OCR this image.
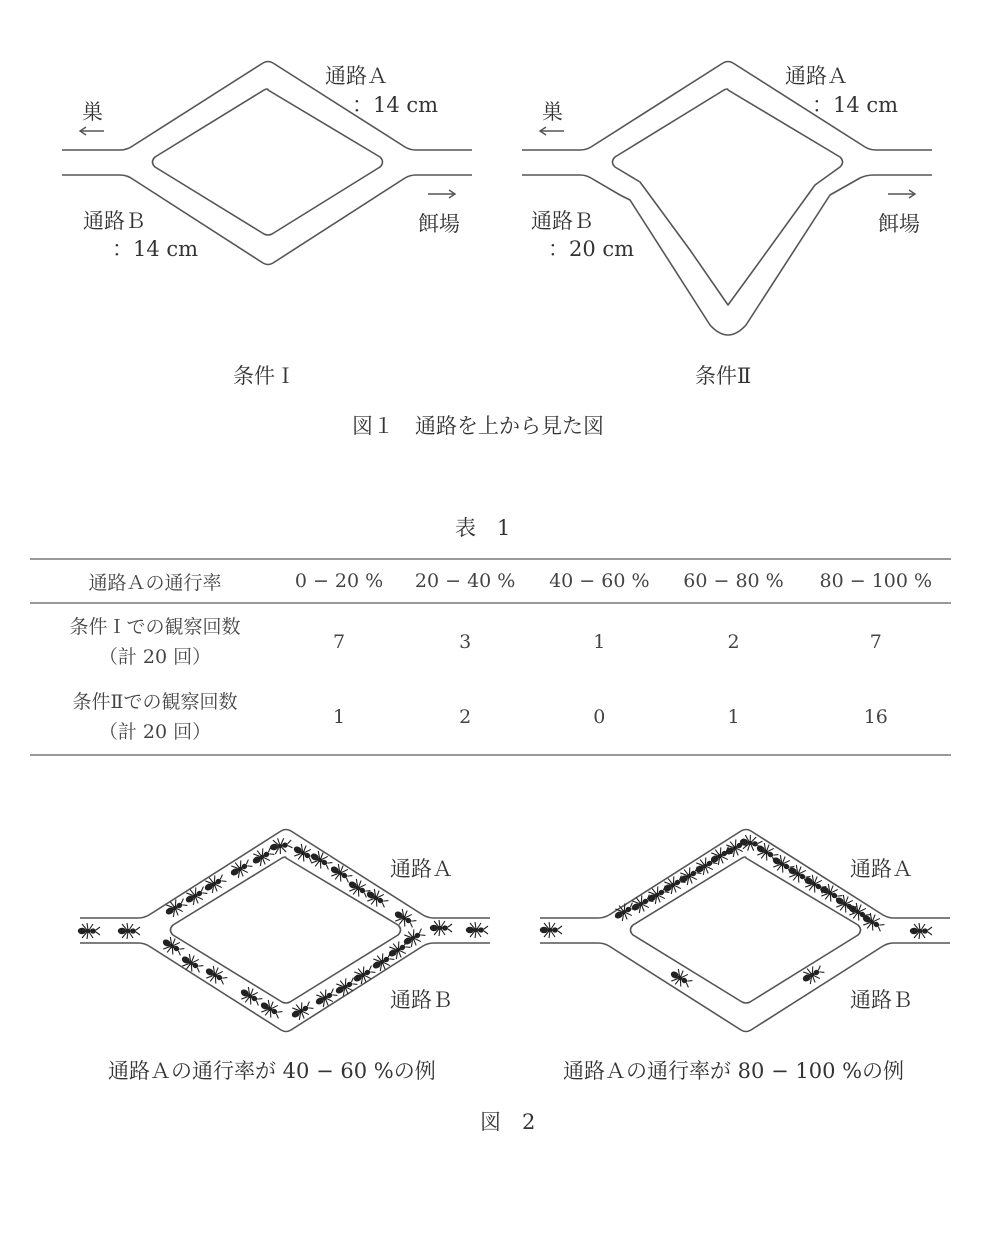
巣
通路Ａ
：14 cm
通路Ｂ
：14 cm
餌場
条件Ｉ
巣
通路Ａ
：14 cm
通路Ｂ
：20 cm
餌場
条件Ⅱ
図１　通路を上から見た図
表　1
通路Ａの通行率	0 − 20 %	20 − 40 %	40 − 60 %	60 − 80 %	80 − 100 %

条件Ｉでの観察回数
（計 20 回）	7	3	1	2	7

条件Ⅱでの観察回数
（計 20 回）	1	2	0	1	16
通路Ａ
通路Ｂ
通路Ａ
通路Ｂ
通路Ａの通行率が 40 − 60 %の例	通路Ａの通行率が 80 − 100 %の例
図　2
